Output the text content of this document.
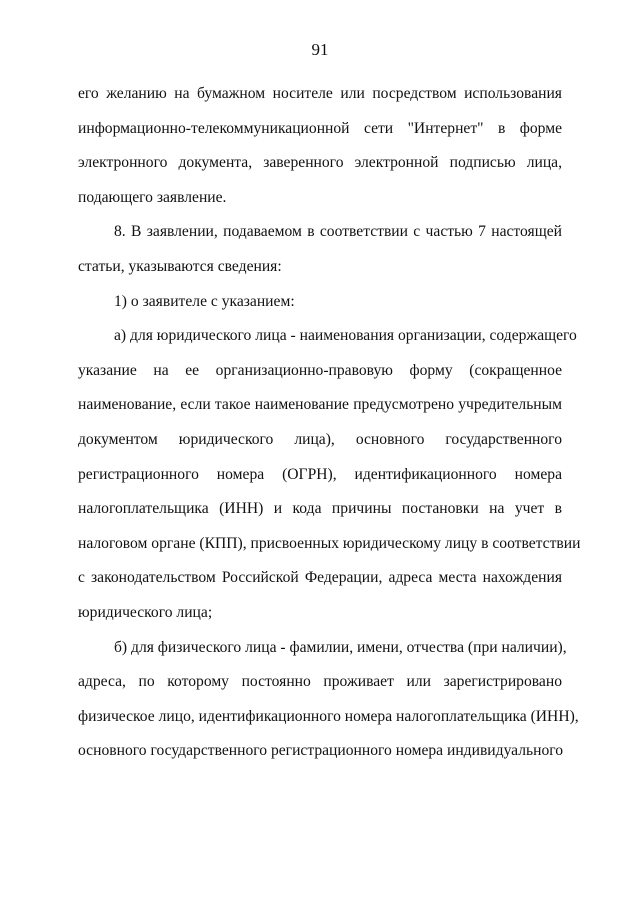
91
его желанию на бумажном носителе или посредством использования
информационно-телекоммуникационной сети "Интернет" в форме
электронного документа, заверенного электронной подписью лица,
подающего заявление.
8. В заявлении, подаваемом в соответствии с частью 7 настоящей
статьи, указываются сведения:
1) о заявителе с указанием:
а) для юридического лица - наименования организации, содержащего
указание на ее организационно-правовую форму (сокращенное
наименование, если такое наименование предусмотрено учредительным
документом юридического лица), основного государственного
регистрационного номера (ОГРН), идентификационного номера
налогоплательщика (ИНН) и кода причины постановки на учет в
налоговом органе (КПП), присвоенных юридическому лицу в соответствии
с законодательством Российской Федерации, адреса места нахождения
юридического лица;
б) для физического лица - фамилии, имени, отчества (при наличии),
адреса, по которому постоянно проживает или зарегистрировано
физическое лицо, идентификационного номера налогоплательщика (ИНН),
основного государственного регистрационного номера индивидуального
